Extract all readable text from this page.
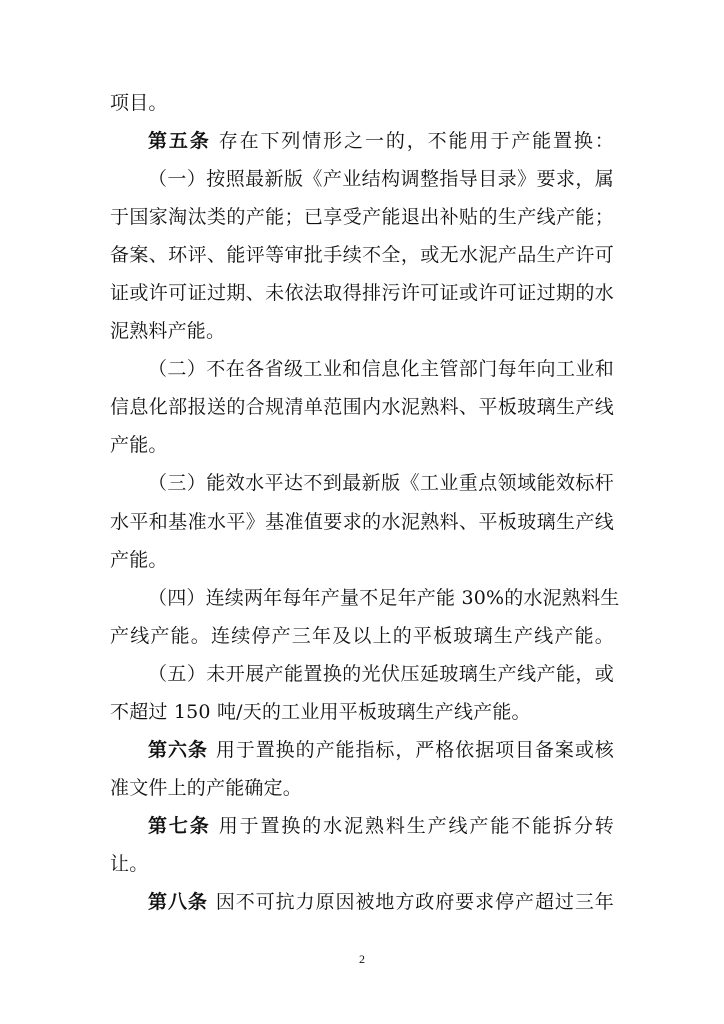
项目。
第五条 存在下列情形之一的，不能用于产能置换：
（一）按照最新版《产业结构调整指导目录》要求，属
于国家淘汰类的产能；已享受产能退出补贴的生产线产能；
备案、环评、能评等审批手续不全，或无水泥产品生产许可
证或许可证过期、未依法取得排污许可证或许可证过期的水
泥熟料产能。
（二）不在各省级工业和信息化主管部门每年向工业和
信息化部报送的合规清单范围内水泥熟料、平板玻璃生产线
产能。
（三）能效水平达不到最新版《工业重点领域能效标杆
水平和基准水平》基准值要求的水泥熟料、平板玻璃生产线
产能。
（四）连续两年每年产量不足年产能 30%的水泥熟料生
产线产能。连续停产三年及以上的平板玻璃生产线产能。
（五）未开展产能置换的光伏压延玻璃生产线产能，或
不超过 150 吨/天的工业用平板玻璃生产线产能。
第六条 用于置换的产能指标，严格依据项目备案或核
准文件上的产能确定。
第七条 用于置换的水泥熟料生产线产能不能拆分转
让。
第八条 因不可抗力原因被地方政府要求停产超过三年
2
